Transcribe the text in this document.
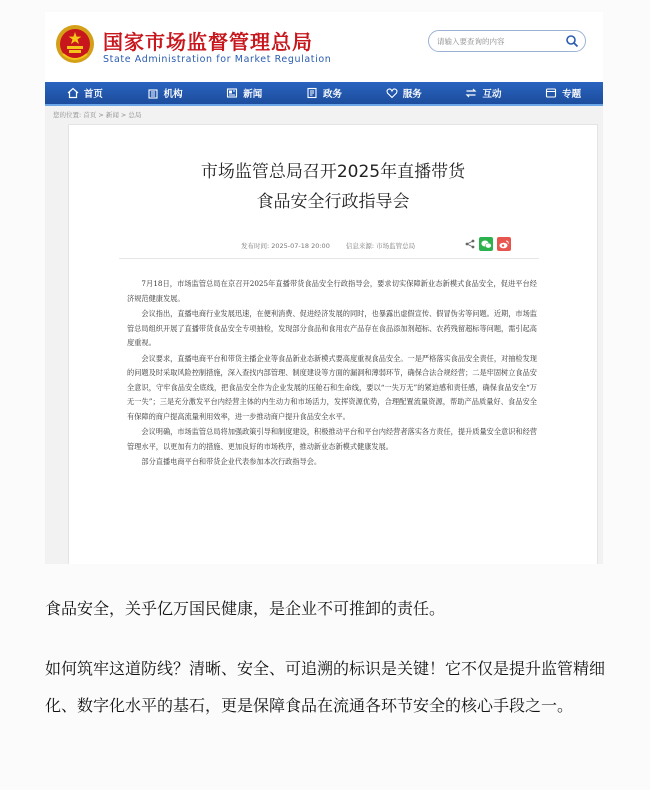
国家市场监督管理总局
State Administration for Market Regulation
请输入要查询的内容
首页	机构	新闻	政务	服务	互动	专题
您的位置: 首页 > 新闻 > 总局
市场监管总局召开2025年直播带货
食品安全行政指导会
发布时间: 2025-07-18 20:00 信息来源: 市场监管总局

7月18日，市场监管总局在京召开2025年直播带货食品安全行政指导会，要求切实保障新业态新模式食品安全，促进平台经济规范健康发展。

会议指出，直播电商行业发展迅速，在便利消费、促进经济发展的同时，也暴露出虚假宣传、假冒伪劣等问题。近期，市场监管总局组织开展了直播带货食品安全专项抽检，发现部分食品和食用农产品存在食品添加剂超标、农药残留超标等问题，需引起高度重视。

会议要求，直播电商平台和带货主播企业等食品新业态新模式要高度重视食品安全。一是严格落实食品安全责任，对抽检发现的问题及时采取风险控制措施，深入查找内部管理、制度建设等方面的漏洞和薄弱环节，确保合法合规经营；二是牢固树立食品安全意识，守牢食品安全底线，把食品安全作为企业发展的压舱石和生命线，要以“一失万无”的紧迫感和责任感，确保食品安全“万无一失”；三是充分激发平台内经营主体的内生动力和市场活力，发挥资源优势，合理配置流量资源，帮助产品质量好、食品安全有保障的商户提高流量利用效率，进一步推动商户提升食品安全水平。

会议明确，市场监管总局将加强政策引导和制度建设，积极推动平台和平台内经营者落实各方责任，提升质量安全意识和经营管理水平，以更加有力的措施、更加良好的市场秩序，推动新业态新模式健康发展。

部分直播电商平台和带货企业代表参加本次行政指导会。

食品安全，关乎亿万国民健康，是企业不可推卸的责任。
如何筑牢这道防线？清晰、安全、可追溯的标识是关键！它不仅是提升监管精细化、数字化水平的基石，更是保障食品在流通各环节安全的核心手段之一。
